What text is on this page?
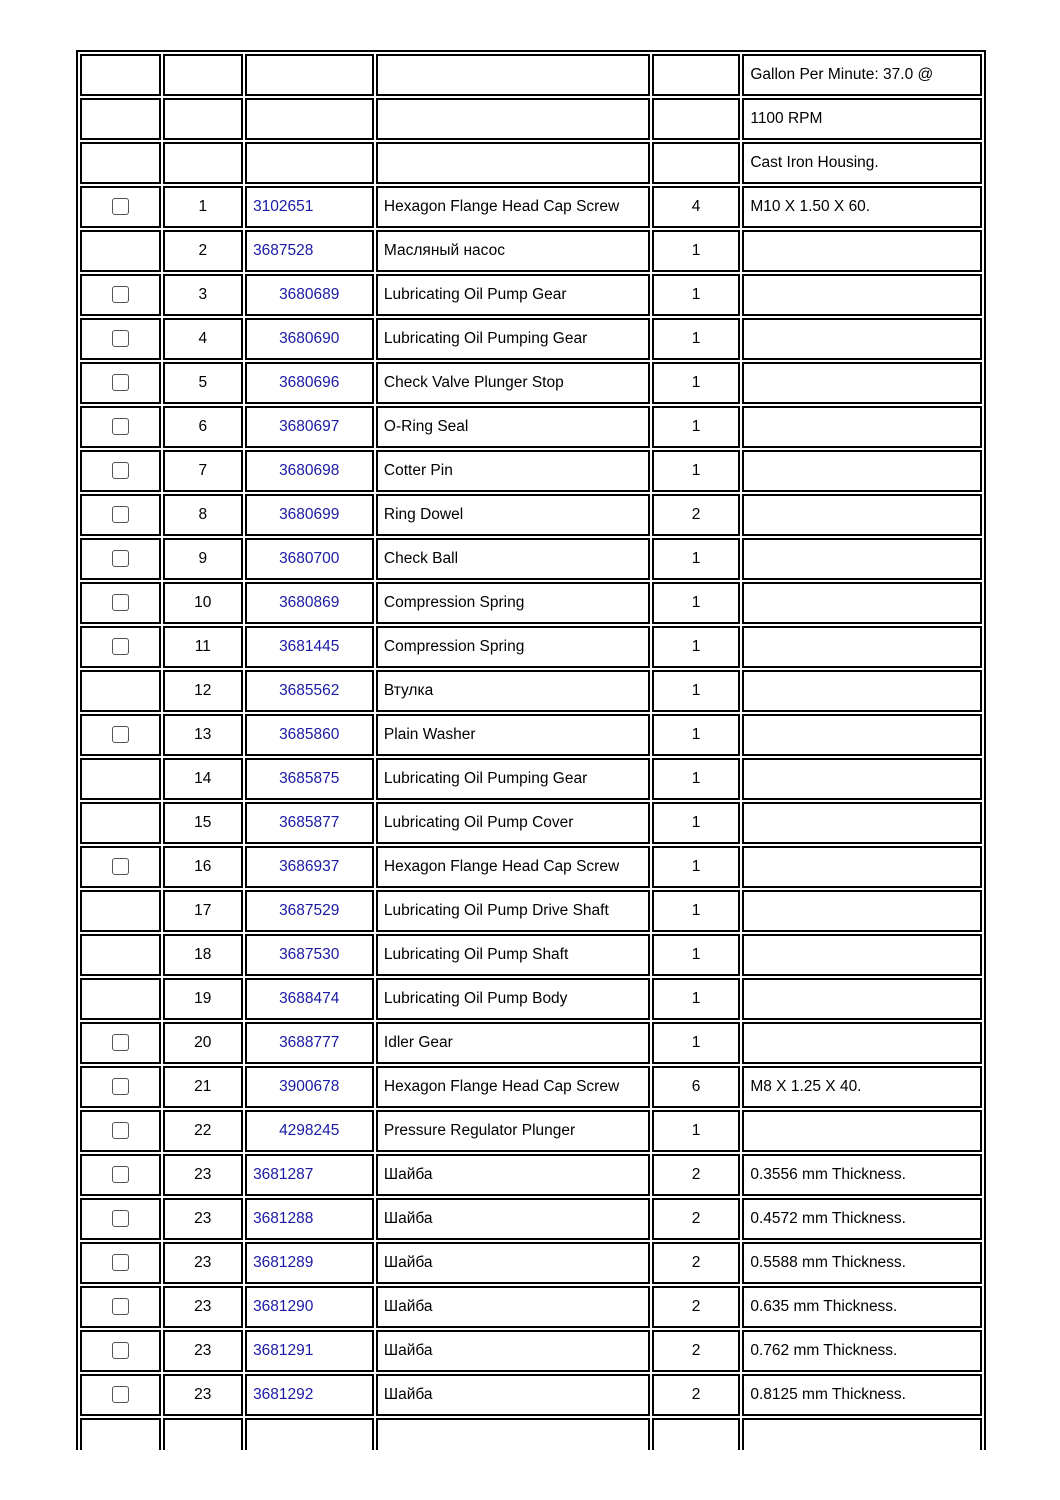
					Gallon Per Minute: 37.0 @
					1100 RPM
					Cast Iron Housing.
	1	3102651	Hexagon Flange Head Cap Screw	4	M10 X 1.50 X 60.
	2	3687528	Масляный насос	1	
	3	3680689	Lubricating Oil Pump Gear	1	
	4	3680690	Lubricating Oil Pumping Gear	1	
	5	3680696	Check Valve Plunger Stop	1	
	6	3680697	O-Ring Seal	1	
	7	3680698	Cotter Pin	1	
	8	3680699	Ring Dowel	2	
	9	3680700	Check Ball	1	
	10	3680869	Compression Spring	1	
	11	3681445	Compression Spring	1	
	12	3685562	Втулка	1	
	13	3685860	Plain Washer	1	
	14	3685875	Lubricating Oil Pumping Gear	1	
	15	3685877	Lubricating Oil Pump Cover	1	
	16	3686937	Hexagon Flange Head Cap Screw	1	
	17	3687529	Lubricating Oil Pump Drive Shaft	1	
	18	3687530	Lubricating Oil Pump Shaft	1	
	19	3688474	Lubricating Oil Pump Body	1	
	20	3688777	Idler Gear	1	
	21	3900678	Hexagon Flange Head Cap Screw	6	M8 X 1.25 X 40.
	22	4298245	Pressure Regulator Plunger	1	
	23	3681287	Шайба	2	0.3556 mm Thickness.
	23	3681288	Шайба	2	0.4572 mm Thickness.
	23	3681289	Шайба	2	0.5588 mm Thickness.
	23	3681290	Шайба	2	0.635 mm Thickness.
	23	3681291	Шайба	2	0.762 mm Thickness.
	23	3681292	Шайба	2	0.8125 mm Thickness.
